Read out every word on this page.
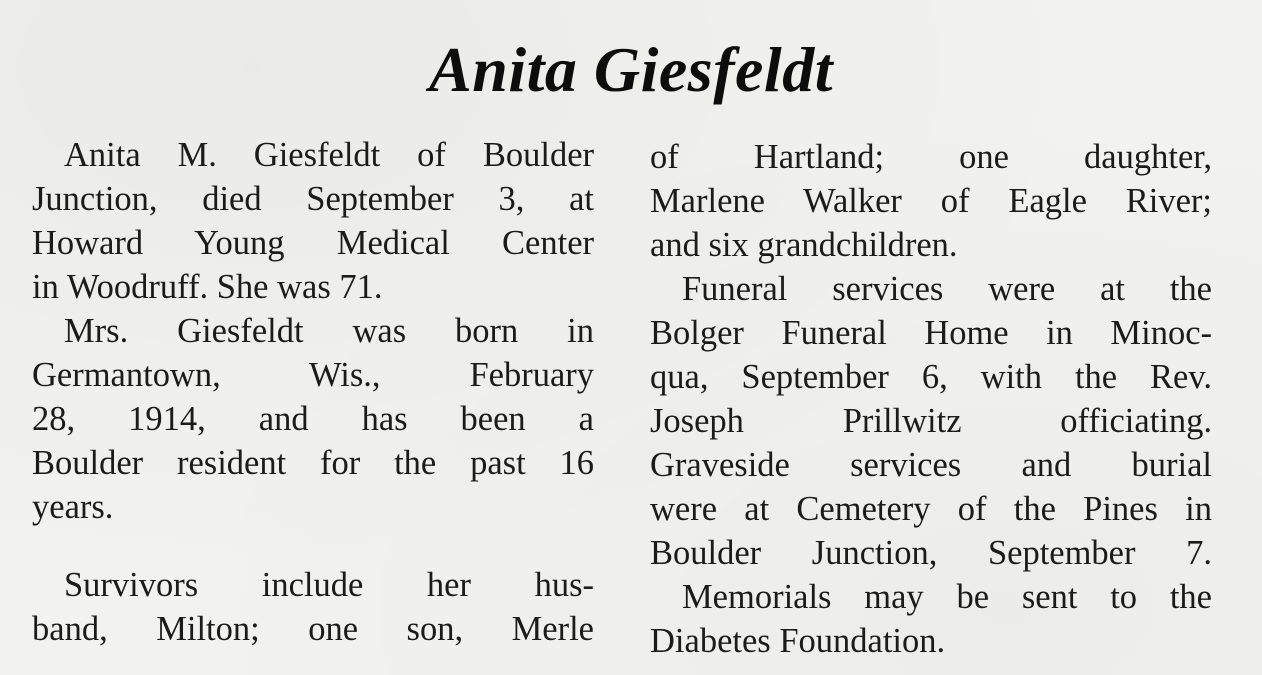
Anita Giesfeldt
Anita M. Giesfeldt of Boulder
Junction, died September 3, at
Howard Young Medical Center
in Woodruff. She was 71.
Mrs. Giesfeldt was born in
Germantown, Wis., February
28, 1914, and has been a
Boulder resident for the past 16
years.
Survivors include her hus-
band, Milton; one son, Merle
of Hartland; one daughter,
Marlene Walker of Eagle River;
and six grandchildren.
Funeral services were at the
Bolger Funeral Home in Minoc-
qua, September 6, with the Rev.
Joseph Prillwitz officiating.
Graveside services and burial
were at Cemetery of the Pines in
Boulder Junction, September 7.
Memorials may be sent to the
Diabetes Foundation.
